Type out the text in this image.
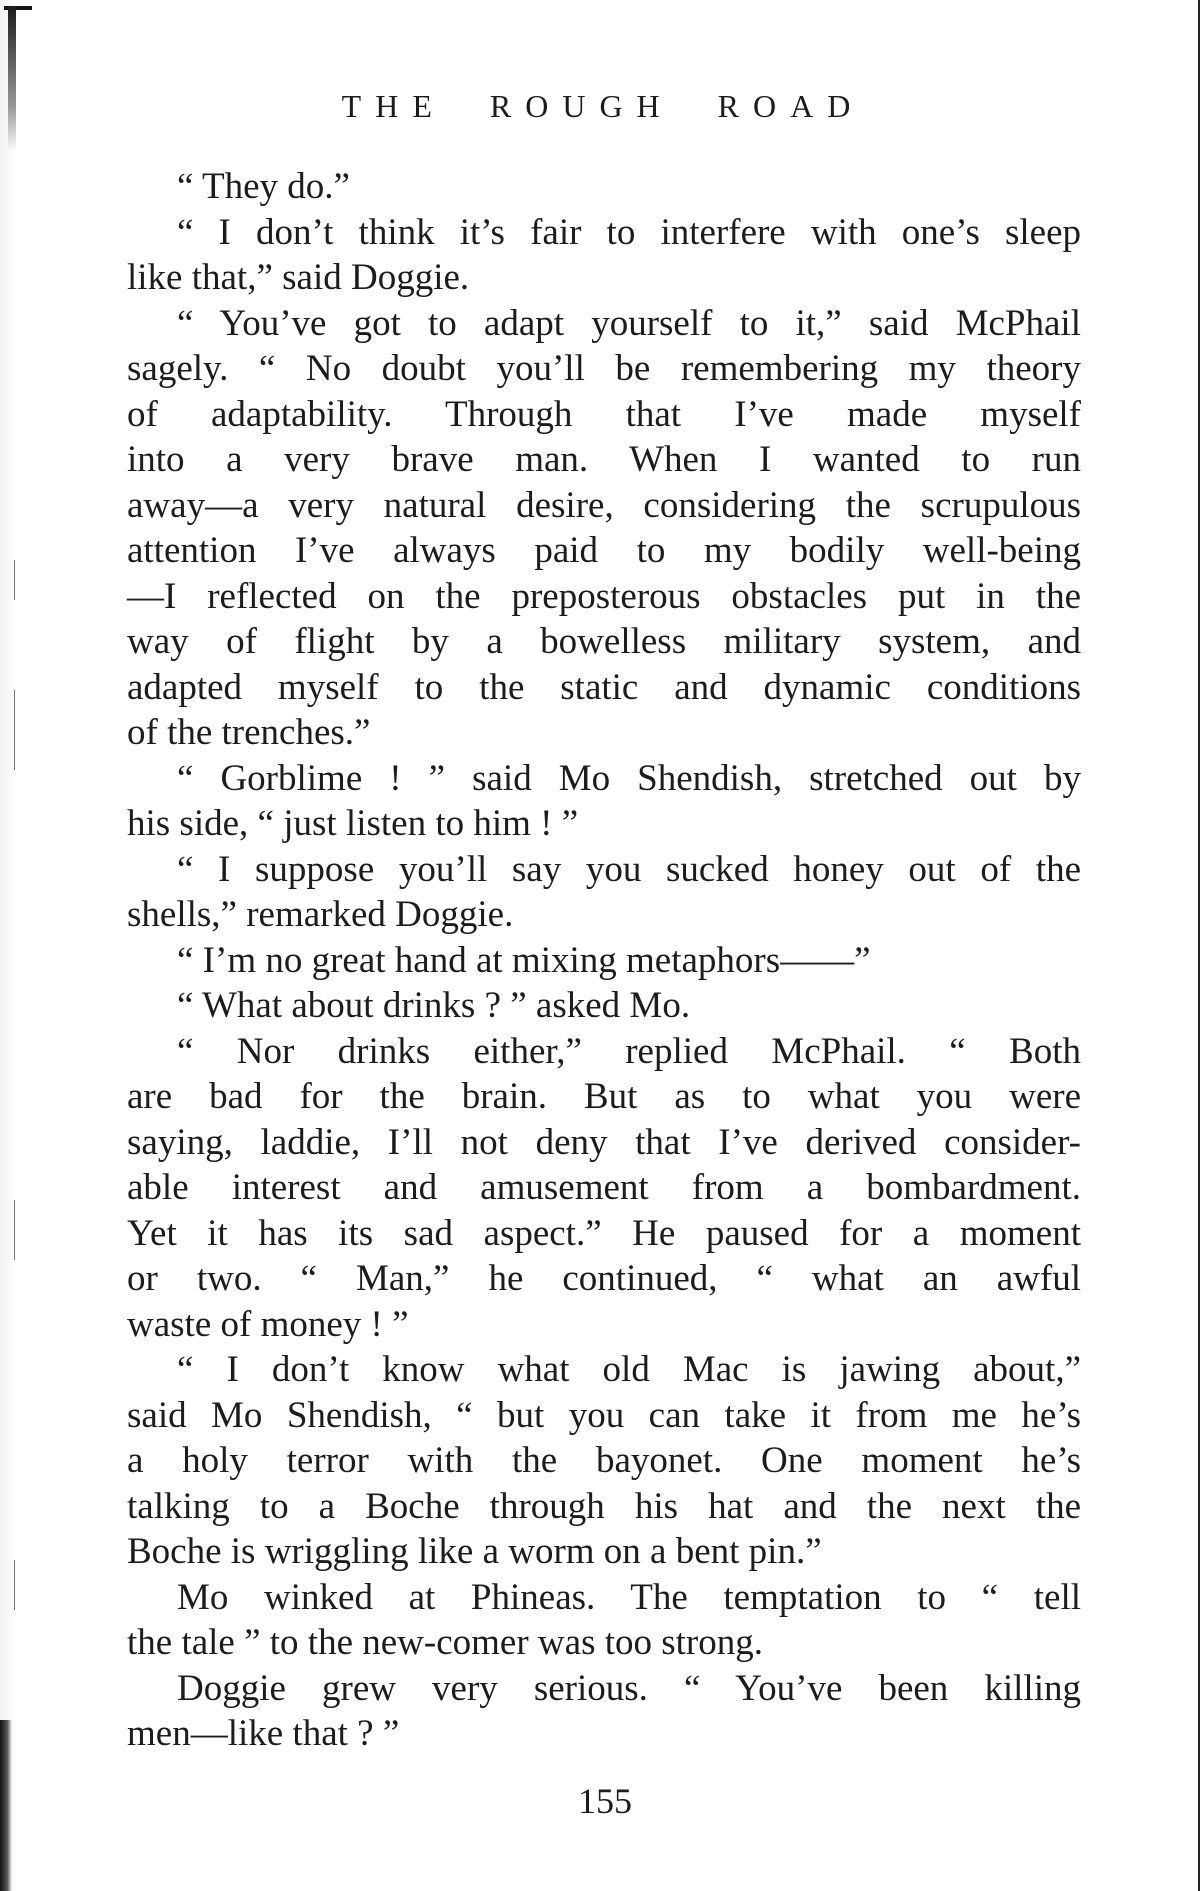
THE  ROUGH  ROAD

“ They do.”

“ I don’t think it’s fair to interfere with one’s sleep

like that,” said Doggie.

“ You’ve got to adapt yourself to it,” said McPhail

sagely. “ No doubt you’ll be remembering my theory

of adaptability. Through that I’ve made myself

into a very brave man. When I wanted to run

away—a very natural desire, considering the scrupulous

attention I’ve always paid to my bodily well-being

—I reflected on the preposterous obstacles put in the

way of flight by a bowelless military system, and

adapted myself to the static and dynamic conditions

of the trenches.”

“ Gorblime ! ” said Mo Shendish, stretched out by

his side, “ just listen to him ! ”

“ I suppose you’ll say you sucked honey out of the

shells,” remarked Doggie.

“ I’m no great hand at mixing metaphors——”

“ What about drinks ? ” asked Mo.

“ Nor drinks either,” replied McPhail. “ Both

are bad for the brain. But as to what you were

saying, laddie, I’ll not deny that I’ve derived consider-

able interest and amusement from a bombardment.

Yet it has its sad aspect.” He paused for a moment

or two. “ Man,” he continued, “ what an awful

waste of money ! ”

“ I don’t know what old Mac is jawing about,”

said Mo Shendish, “ but you can take it from me he’s

a holy terror with the bayonet. One moment he’s

talking to a Boche through his hat and the next the

Boche is wriggling like a worm on a bent pin.”

Mo winked at Phineas. The temptation to “ tell

the tale ” to the new-comer was too strong.

Doggie grew very serious. “ You’ve been killing

men—like that ? ”

155
